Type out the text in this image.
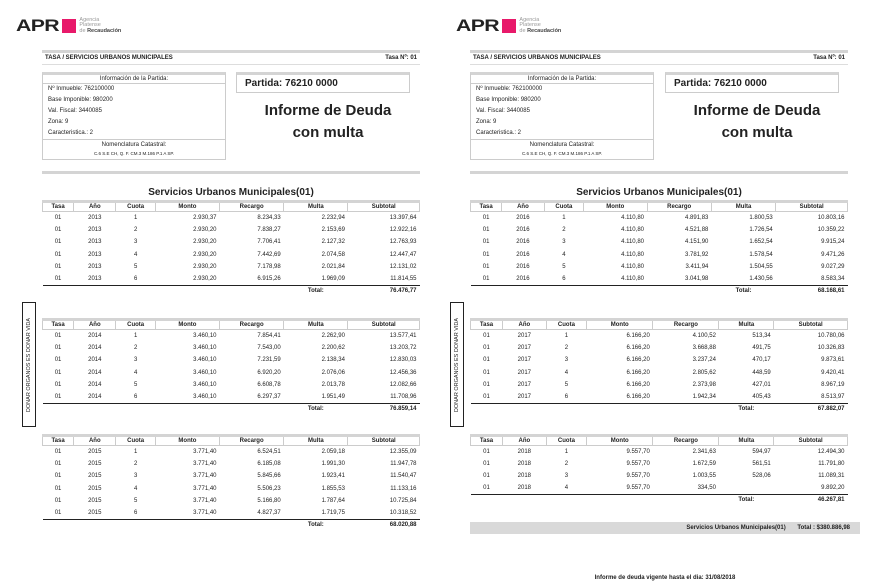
APR	Agencia
Platense
de Recaudación
TASA / SERVICIOS URBANOS MUNICIPALES	Tasa Nº: 01
Información de la Partida:
Nº Inmueble: 762100000
Base Imponible: 980200
Val. Fiscal: 3440085
Zona: 9
Caracteristica.: 2
Nomenclatura Catastral:
C.6 S.E CH, Q. F. CM.3 M.186 P.1 A SP.
Partida: 76210 0000
Informe de Deuda
con multa
Servicios Urbanos Municipales(01)
Tasa	Año	Cuota	Monto	Recargo	Multa	Subtotal
01	2013	1	2.930,37	8.234,33	2.232,94	13.397,64
01	2013	2	2.930,20	7.838,27	2.153,69	12.922,16
01	2013	3	2.930,20	7.706,41	2.127,32	12.763,93
01	2013	4	2.930,20	7.442,69	2.074,58	12.447,47
01	2013	5	2.930,20	7.178,98	2.021,84	12.131,02
01	2013	6	2.930,20	6.915,26	1.969,09	11.814,55
					Total:	76.476,77
DONAR ORGANOS ES DONAR VIDA	Tasa	Año	Cuota	Monto	Recargo	Multa	Subtotal
01	2014	1	3.460,10	7.854,41	2.262,90	13.577,41
01	2014	2	3.460,10	7.543,00	2.200,62	13.203,72
01	2014	3	3.460,10	7.231,59	2.138,34	12.830,03
01	2014	4	3.460,10	6.920,20	2.076,06	12.456,36
01	2014	5	3.460,10	6.608,78	2.013,78	12.082,66
01	2014	6	3.460,10	6.297,37	1.951,49	11.708,96
					Total:	76.859,14
Tasa	Año	Cuota	Monto	Recargo	Multa	Subtotal
01	2015	1	3.771,40	6.524,51	2.059,18	12.355,09
01	2015	2	3.771,40	6.185,08	1.991,30	11.947,78
01	2015	3	3.771,40	5.845,66	1.923,41	11.540,47
01	2015	4	3.771,40	5.506,23	1.855,53	11.133,16
01	2015	5	3.771,40	5.166,80	1.787,64	10.725,84
01	2015	6	3.771,40	4.827,37	1.719,75	10.318,52
					Total:	68.020,88
APR	Agencia
Platense
de Recaudación
TASA / SERVICIOS URBANOS MUNICIPALES	Tasa Nº: 01
Información de la Partida:
Nº Inmueble: 762100000
Base Imponible: 980200
Val. Fiscal: 3440085
Zona: 9
Caracteristica.: 2
Nomenclatura Catastral:
C.6 S.E CH, Q. F. CM.3 M.186 P.1 A SP.
Partida: 76210 0000
Informe de Deuda
con multa
Servicios Urbanos Municipales(01)
Tasa	Año	Cuota	Monto	Recargo	Multa	Subtotal
01	2016	1	4.110,80	4.891,83	1.800,53	10.803,16
01	2016	2	4.110,80	4.521,88	1.726,54	10.359,22
01	2016	3	4.110,80	4.151,90	1.652,54	9.915,24
01	2016	4	4.110,80	3.781,92	1.578,54	9.471,26
01	2016	5	4.110,80	3.411,94	1.504,55	9.027,29
01	2016	6	4.110,80	3.041,98	1.430,56	8.583,34
					Total:	68.168,61
DONAR ORGANOS ES DONAR VIDA	Tasa	Año	Cuota	Monto	Recargo	Multa	Subtotal
01	2017	1	6.166,20	4.100,52	513,34	10.780,06
01	2017	2	6.166,20	3.668,88	491,75	10.326,83
01	2017	3	6.166,20	3.237,24	470,17	9.873,61
01	2017	4	6.166,20	2.805,62	448,59	9.420,41
01	2017	5	6.166,20	2.373,98	427,01	8.967,19
01	2017	6	6.166,20	1.942,34	405,43	8.513,97
					Total:	67.882,07
Tasa	Año	Cuota	Monto	Recargo	Multa	Subtotal
01	2018	1	9.557,70	2.341,63	594,97	12.494,30
01	2018	2	9.557,70	1.672,59	561,51	11.791,80
01	2018	3	9.557,70	1.003,55	528,06	11.089,31
01	2018	4	9.557,70	334,50		9.892,20
					Total:	46.267,81
Servicios Urbanos Municipales(01) Total : $380.886,98
Informe de deuda vigente hasta el dia: 31/08/2018
